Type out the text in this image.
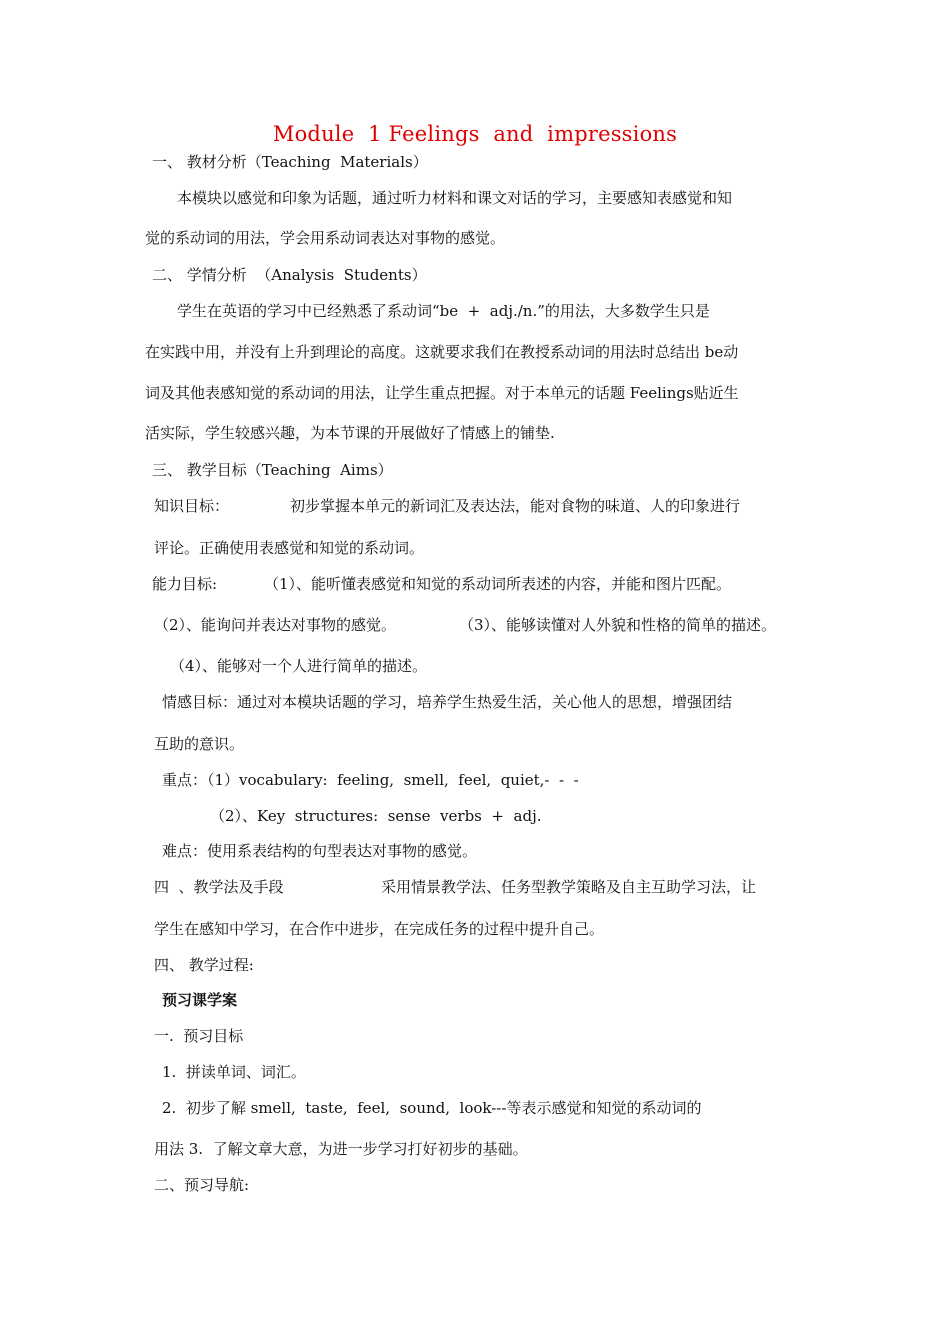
Module  1 Feelings  and  impressions
一、 教材分析（Teaching  Materials）
本模块以感觉和印象为话题，通过听力材料和课文对话的学习，主要感知表感觉和知
觉的系动词的用法，学会用系动词表达对事物的感觉。
二、 学情分析  （Analysis  Students）
学生在英语的学习中已经熟悉了系动词“be  +  adj./n.”的用法，大多数学生只是
在实践中用，并没有上升到理论的高度。这就要求我们在教授系动词的用法时总结出 be动
词及其他表感知觉的系动词的用法，让学生重点把握。对于本单元的话题 Feelings贴近生
活实际，学生较感兴趣，为本节课的开展做好了情感上的铺垫.
三、 教学目标（Teaching  Aims）
知识目标：	初步掌握本单元的新词汇及表达法，能对食物的味道、人的印象进行
评论。正确使用表感觉和知觉的系动词。
能力目标:	（1）、能听懂表感觉和知觉的系动词所表述的内容，并能和图片匹配。
（2）、能询问并表达对事物的感觉。	（3）、能够读懂对人外貌和性格的简单的描述。
（4）、能够对一个人进行简单的描述。
情感目标：通过对本模块话题的学习，培养学生热爱生活，关心他人的思想，增强团结
互助的意识。
重点：（1）vocabulary:  feeling,  smell,  feel,  quiet,-  -  -
（2）、Key  structures:  sense  verbs  +  adj.
难点：使用系表结构的句型表达对事物的感觉。
四  、教学法及手段	采用情景教学法、任务型教学策略及自主互助学习法，让
学生在感知中学习，在合作中进步，在完成任务的过程中提升自己。
四、 教学过程:
预习课学案
一.  预习目标
1.  拼读单词、词汇。
2.  初步了解 smell,  taste,  feel,  sound,  look---等表示感觉和知觉的系动词的
用法 3.  了解文章大意，为进一步学习打好初步的基础。
二、预习导航:
